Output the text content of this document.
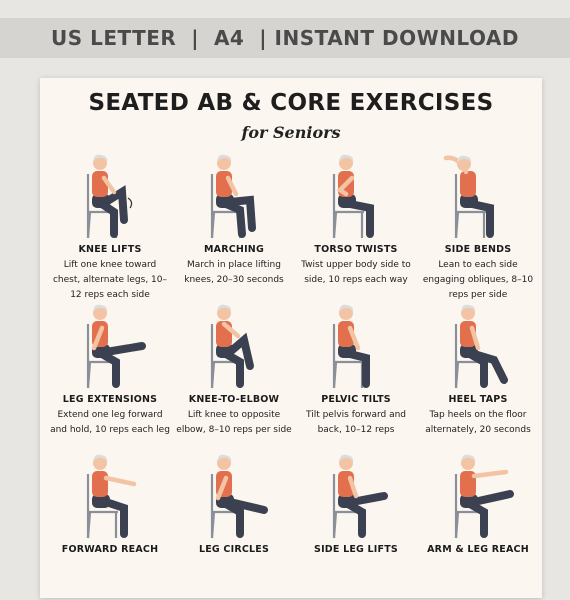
US LETTER  |  A4  | INSTANT DOWNLOAD
SEATED AB & CORE EXERCISES
for Seniors
KNEE LIFTS
Lift one knee toward chest, alternate legs, 10–12 reps each side
MARCHING
March in place lifting knees, 20–30 seconds
TORSO TWISTS
Twist upper body side to side, 10 reps each way
SIDE BENDS
Lean to each side engaging obliques, 8–10 reps per side
LEG EXTENSIONS
Extend one leg forward and hold, 10 reps each leg
KNEE-TO-ELBOW
Lift knee to opposite elbow, 8–10 reps per side
PELVIC TILTS
Tilt pelvis forward and back, 10–12 reps
HEEL TAPS
Tap heels on the floor alternately, 20 seconds
FORWARD REACH	LEG CIRCLES	SIDE LEG LIFTS	ARM & LEG REACH
